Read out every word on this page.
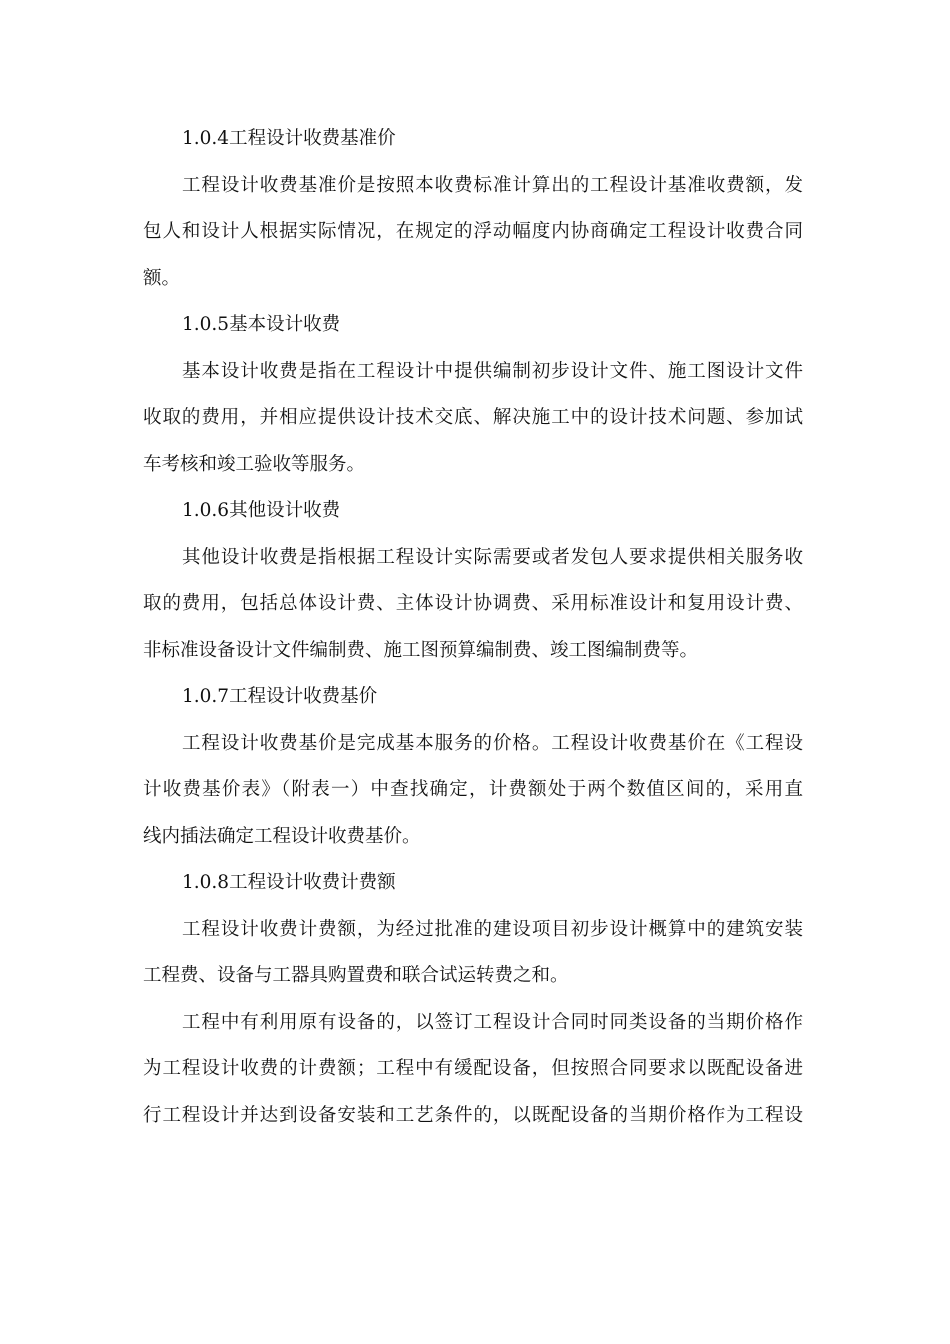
1.0.4工程设计收费基准价
工程设计收费基准价是按照本收费标准计算出的工程设计基准收费额，发
包人和设计人根据实际情况，在规定的浮动幅度内协商确定工程设计收费合同
额。
1.0.5基本设计收费
基本设计收费是指在工程设计中提供编制初步设计文件、施工图设计文件
收取的费用，并相应提供设计技术交底、解决施工中的设计技术问题、参加试
车考核和竣工验收等服务。
1.0.6其他设计收费
其他设计收费是指根据工程设计实际需要或者发包人要求提供相关服务收
取的费用，包括总体设计费、主体设计协调费、采用标准设计和复用设计费、
非标准设备设计文件编制费、施工图预算编制费、竣工图编制费等。
1.0.7工程设计收费基价
工程设计收费基价是完成基本服务的价格。工程设计收费基价在《工程设
计收费基价表》（附表一）中查找确定，计费额处于两个数值区间的，采用直
线内插法确定工程设计收费基价。
1.0.8工程设计收费计费额
工程设计收费计费额，为经过批准的建设项目初步设计概算中的建筑安装
工程费、设备与工器具购置费和联合试运转费之和。
工程中有利用原有设备的，以签订工程设计合同时同类设备的当期价格作
为工程设计收费的计费额；工程中有缓配设备，但按照合同要求以既配设备进
行工程设计并达到设备安装和工艺条件的，以既配设备的当期价格作为工程设
